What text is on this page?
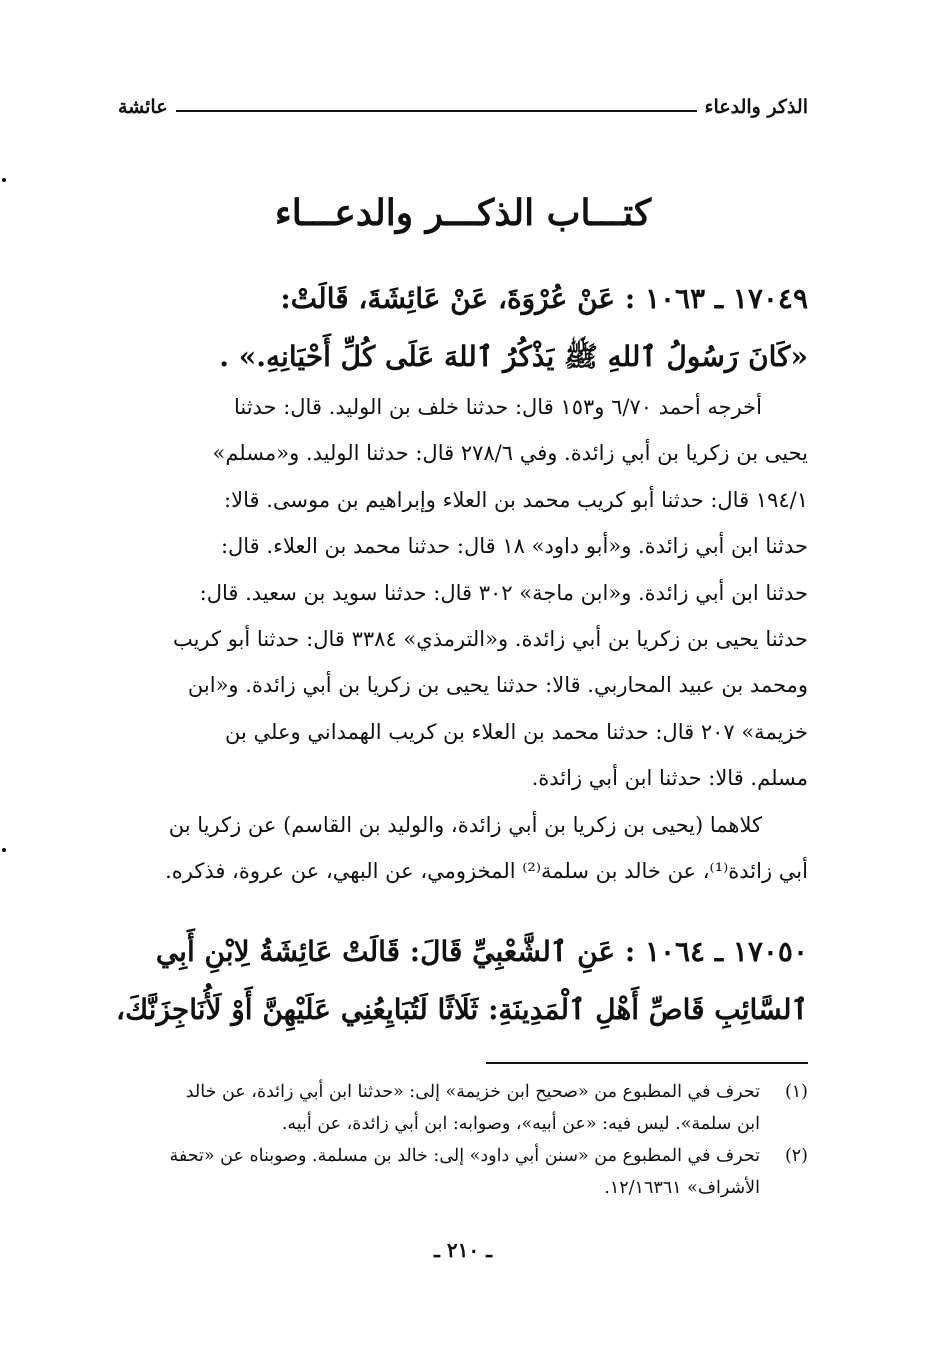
الذكر والدعاء
عائشة
كتـــاب الذكـــر والدعـــاء
١٧٠٤٩ ـ ١٠٦٣ : عَنْ عُرْوَةَ، عَنْ عَائِشَةَ، قَالَتْ:
«كَانَ رَسُولُ ٱللهِ ﷺ يَذْكُرُ ٱللهَ عَلَى كُلِّ أَحْيَانِهِ.» .
أخرجه أحمد ٦/٧٠ و١٥٣ قال: حدثنا خلف بن الوليد. قال: حدثنا
يحيى بن زكريا بن أبي زائدة. وفي ٢٧٨/٦ قال: حدثنا الوليد. و«مسلم»
١٩٤/١ قال: حدثنا أبو كريب محمد بن العلاء وإبراهيم بن موسى. قالا:
حدثنا ابن أبي زائدة. و«أبو داود» ١٨ قال: حدثنا محمد بن العلاء. قال:
حدثنا ابن أبي زائدة. و«ابن ماجة» ٣٠٢ قال: حدثنا سويد بن سعيد. قال:
حدثنا يحيى بن زكريا بن أبي زائدة. و«الترمذي» ٣٣٨٤ قال: حدثنا أبو كريب
ومحمد بن عبيد المحاربي. قالا: حدثنا يحيى بن زكريا بن أبي زائدة. و«ابن
خزيمة» ٢٠٧ قال: حدثنا محمد بن العلاء بن كريب الهمداني وعلي بن
مسلم. قالا: حدثنا ابن أبي زائدة.
كلاهما (يحيى بن زكريا بن أبي زائدة، والوليد بن القاسم) عن زكريا بن
أبي زائدة⁽¹⁾، عن خالد بن سلمة⁽²⁾ المخزومي، عن البهي، عن عروة، فذكره.
١٧٠٥٠ ـ ١٠٦٤ : عَنِ ٱلشَّعْبِيِّ قَالَ: قَالَتْ عَائِشَةُ لِابْنِ أَبِي
ٱلسَّائِبِ قَاصِّ أَهْلِ ٱلْمَدِينَةِ: ثَلَاثًا لَتُبَايِعُنِي عَلَيْهِنَّ أَوْ لَأُنَاجِزَنَّكَ،
(١)
تحرف في المطبوع من «صحيح ابن خزيمة» إلى: «حدثنا ابن أبي زائدة، عن خالد
ابن سلمة». ليس فيه: «عن أبيه»، وصوابه: ابن أبي زائدة، عن أبيه.
(٢)
تحرف في المطبوع من «سنن أبي داود» إلى: خالد بن مسلمة. وصوبناه عن «تحفة
الأشراف» ١٢/١٦٣٦١.
ـ ٢١٠ ـ
